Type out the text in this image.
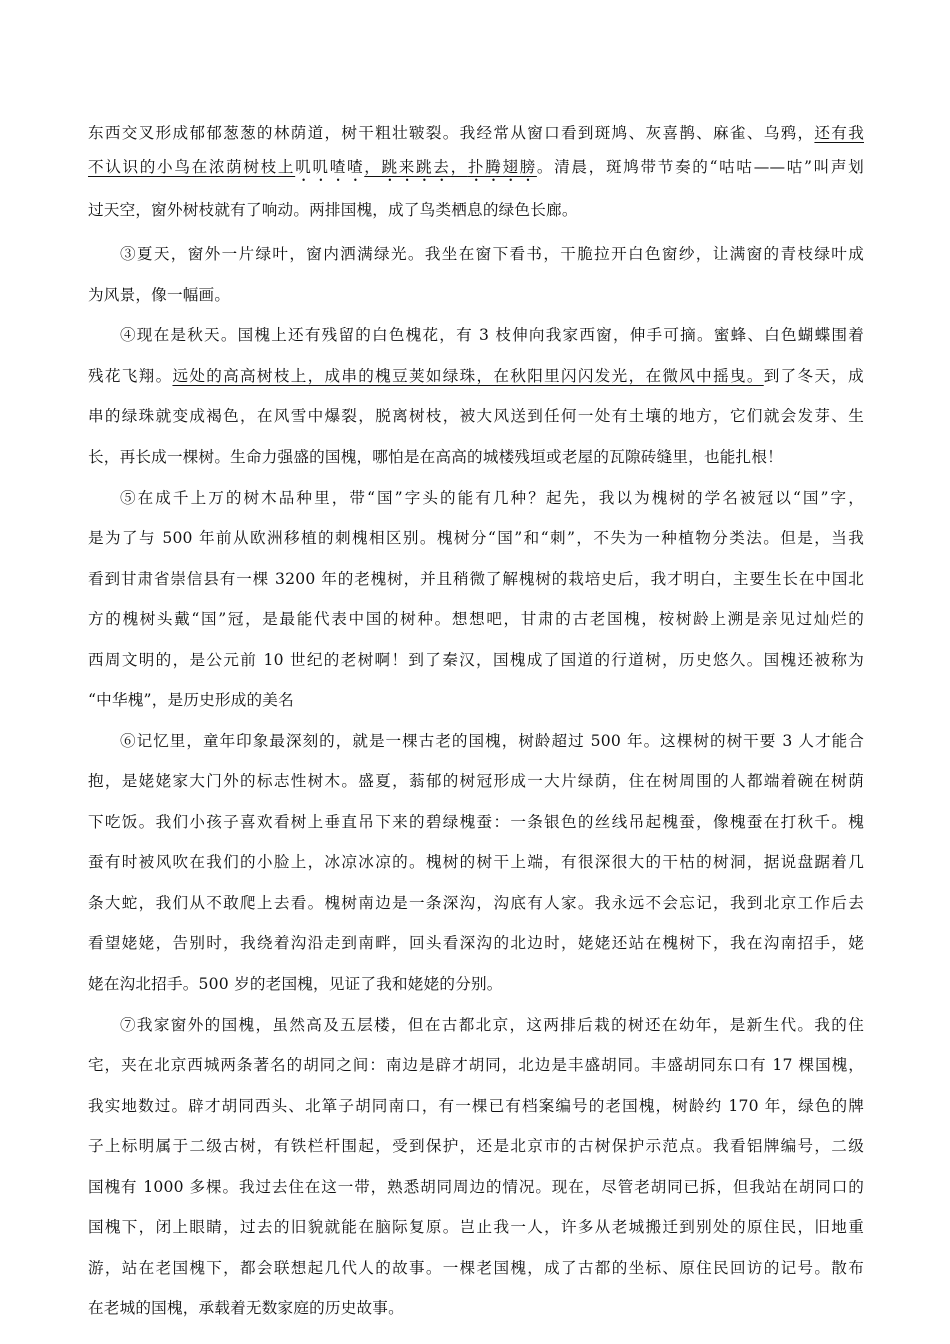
东西交叉形成郁郁葱葱的林荫道，树干粗壮皲裂。我经常从窗口看到斑鸠、灰喜鹊、麻雀、乌鸦，还有我
不认识的小鸟在浓荫树枝上叽叽喳喳，跳来跳去，扑腾翅膀。清晨，斑鸠带节奏的“咕咕——咕”叫声划
过天空，窗外树枝就有了响动。两排国槐，成了鸟类栖息的绿色长廊。
③夏天，窗外一片绿叶，窗内洒满绿光。我坐在窗下看书，干脆拉开白色窗纱，让满窗的青枝绿叶成
为风景，像一幅画。
④现在是秋天。国槐上还有残留的白色槐花，有 3 枝伸向我家西窗，伸手可摘。蜜蜂、白色蝴蝶围着
残花飞翔。远处的高高树枝上，成串的槐豆荚如绿珠，在秋阳里闪闪发光，在微风中摇曳。到了冬天，成
串的绿珠就变成褐色，在风雪中爆裂，脱离树枝，被大风送到任何一处有土壤的地方，它们就会发芽、生
长，再长成一棵树。生命力强盛的国槐，哪怕是在高高的城楼残垣或老屋的瓦隙砖缝里，也能扎根！
⑤在成千上万的树木品种里，带“国”字头的能有几种？起先，我以为槐树的学名被冠以“国”字，
是为了与 500 年前从欧洲移植的刺槐相区别。槐树分“国”和“刺”，不失为一种植物分类法。但是，当我
看到甘肃省崇信县有一棵 3200 年的老槐树，并且稍微了解槐树的栽培史后，我才明白，主要生长在中国北
方的槐树头戴“国”冠，是最能代表中国的树种。想想吧，甘肃的古老国槐，桉树龄上溯是亲见过灿烂的
西周文明的，是公元前 10 世纪的老树啊！到了秦汉，国槐成了国道的行道树，历史悠久。国槐还被称为
“中华槐”，是历史形成的美名
⑥记忆里，童年印象最深刻的，就是一棵古老的国槐，树龄超过 500 年。这棵树的树干要 3 人才能合
抱，是姥姥家大门外的标志性树木。盛夏，蓊郁的树冠形成一大片绿荫，住在树周围的人都端着碗在树荫
下吃饭。我们小孩子喜欢看树上垂直吊下来的碧绿槐蚕：一条银色的丝线吊起槐蚕，像槐蚕在打秋千。槐
蚕有时被风吹在我们的小脸上，冰凉冰凉的。槐树的树干上端，有很深很大的干枯的树洞，据说盘踞着几
条大蛇，我们从不敢爬上去看。槐树南边是一条深沟，沟底有人家。我永远不会忘记，我到北京工作后去
看望姥姥，告别时，我绕着沟沿走到南畔，回头看深沟的北边时，姥姥还站在槐树下，我在沟南招手，姥
姥在沟北招手。500 岁的老国槐，见证了我和姥姥的分别。
⑦我家窗外的国槐，虽然高及五层楼，但在古都北京，这两排后栽的树还在幼年，是新生代。我的住
宅，夹在北京西城两条著名的胡同之间：南边是辟才胡同，北边是丰盛胡同。丰盛胡同东口有 17 棵国槐，
我实地数过。辟才胡同西头、北箪子胡同南口，有一棵已有档案编号的老国槐，树龄约 170 年，绿色的牌
子上标明属于二级古树，有铁栏杆围起，受到保护，还是北京市的古树保护示范点。我看铝牌编号，二级
国槐有 1000 多棵。我过去住在这一带，熟悉胡同周边的情况。现在，尽管老胡同已拆，但我站在胡同口的
国槐下，闭上眼睛，过去的旧貌就能在脑际复原。岂止我一人，许多从老城搬迁到别处的原住民，旧地重
游，站在老国槐下，都会联想起几代人的故事。一棵老国槐，成了古都的坐标、原住民回访的记号。散布
在老城的国槐，承载着无数家庭的历史故事。
